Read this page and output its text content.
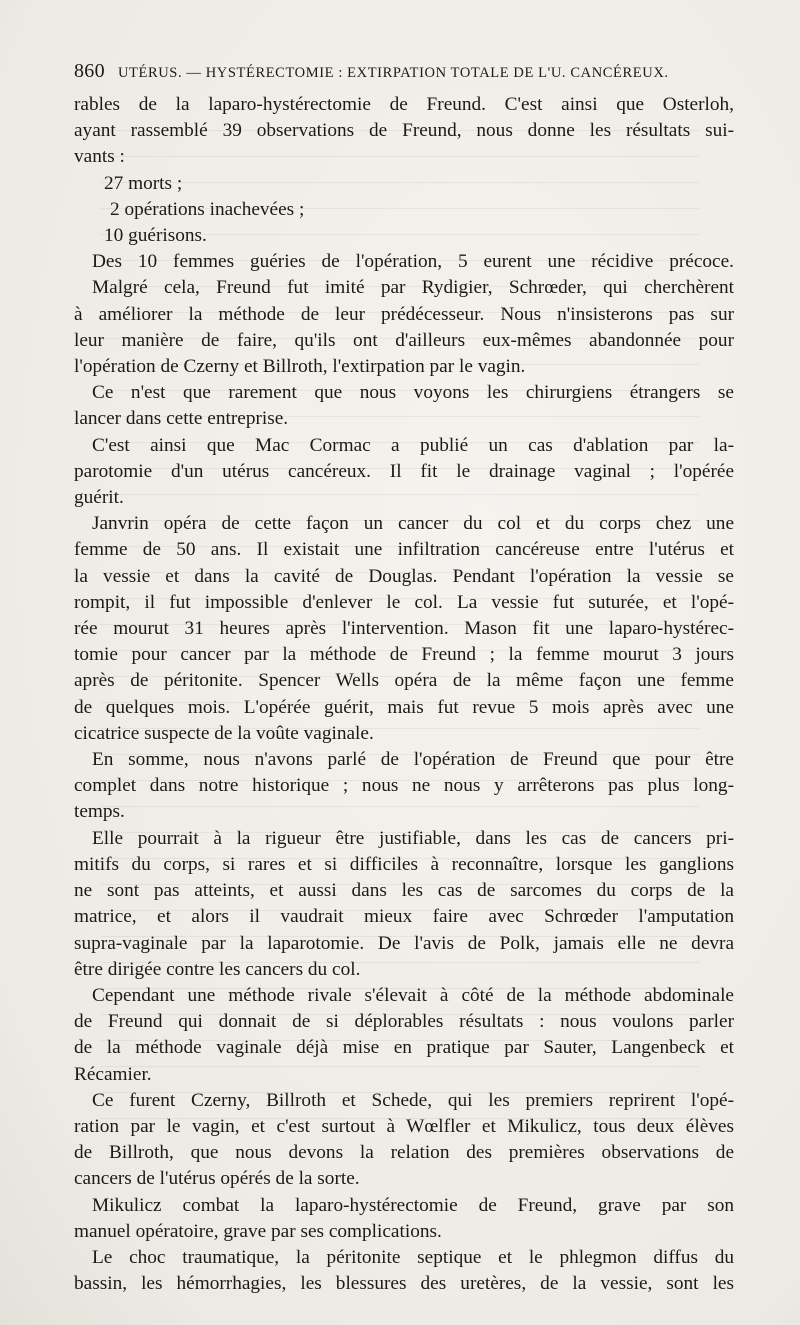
860 UTÉRUS. — HYSTÉRECTOMIE : EXTIRPATION TOTALE DE L'U. CANCÉREUX.
rables de la laparo-hystérectomie de Freund. C'est ainsi que Osterloh,
ayant rassemblé 39 observations de Freund, nous donne les résultats sui-
vants :
27 morts ;
2 opérations inachevées ;
10 guérisons.
Des 10 femmes guéries de l'opération, 5 eurent une récidive précoce.
Malgré cela, Freund fut imité par Rydigier, Schrœder, qui cherchèrent
à améliorer la méthode de leur prédécesseur. Nous n'insisterons pas sur
leur manière de faire, qu'ils ont d'ailleurs eux-mêmes abandonnée pour
l'opération de Czerny et Billroth, l'extirpation par le vagin.
Ce n'est que rarement que nous voyons les chirurgiens étrangers se
lancer dans cette entreprise.
C'est ainsi que Mac Cormac a publié un cas d'ablation par la-
parotomie d'un utérus cancéreux. Il fit le drainage vaginal ; l'opérée
guérit.
Janvrin opéra de cette façon un cancer du col et du corps chez une
femme de 50 ans. Il existait une infiltration cancéreuse entre l'utérus et
la vessie et dans la cavité de Douglas. Pendant l'opération la vessie se
rompit, il fut impossible d'enlever le col. La vessie fut suturée, et l'opé-
rée mourut 31 heures après l'intervention. Mason fit une laparo-hystérec-
tomie pour cancer par la méthode de Freund ; la femme mourut 3 jours
après de péritonite. Spencer Wells opéra de la même façon une femme
de quelques mois. L'opérée guérit, mais fut revue 5 mois après avec une
cicatrice suspecte de la voûte vaginale.
En somme, nous n'avons parlé de l'opération de Freund que pour être
complet dans notre historique ; nous ne nous y arrêterons pas plus long-
temps.
Elle pourrait à la rigueur être justifiable, dans les cas de cancers pri-
mitifs du corps, si rares et si difficiles à reconnaître, lorsque les ganglions
ne sont pas atteints, et aussi dans les cas de sarcomes du corps de la
matrice, et alors il vaudrait mieux faire avec Schrœder l'amputation
supra-vaginale par la laparotomie. De l'avis de Polk, jamais elle ne devra
être dirigée contre les cancers du col.
Cependant une méthode rivale s'élevait à côté de la méthode abdominale
de Freund qui donnait de si déplorables résultats : nous voulons parler
de la méthode vaginale déjà mise en pratique par Sauter, Langenbeck et
Récamier.
Ce furent Czerny, Billroth et Schede, qui les premiers reprirent l'opé-
ration par le vagin, et c'est surtout à Wœlfler et Mikulicz, tous deux élèves
de Billroth, que nous devons la relation des premières observations de
cancers de l'utérus opérés de la sorte.
Mikulicz combat la laparo-hystérectomie de Freund, grave par son
manuel opératoire, grave par ses complications.
Le choc traumatique, la péritonite septique et le phlegmon diffus du
bassin, les hémorrhagies, les blessures des uretères, de la vessie, sont les
